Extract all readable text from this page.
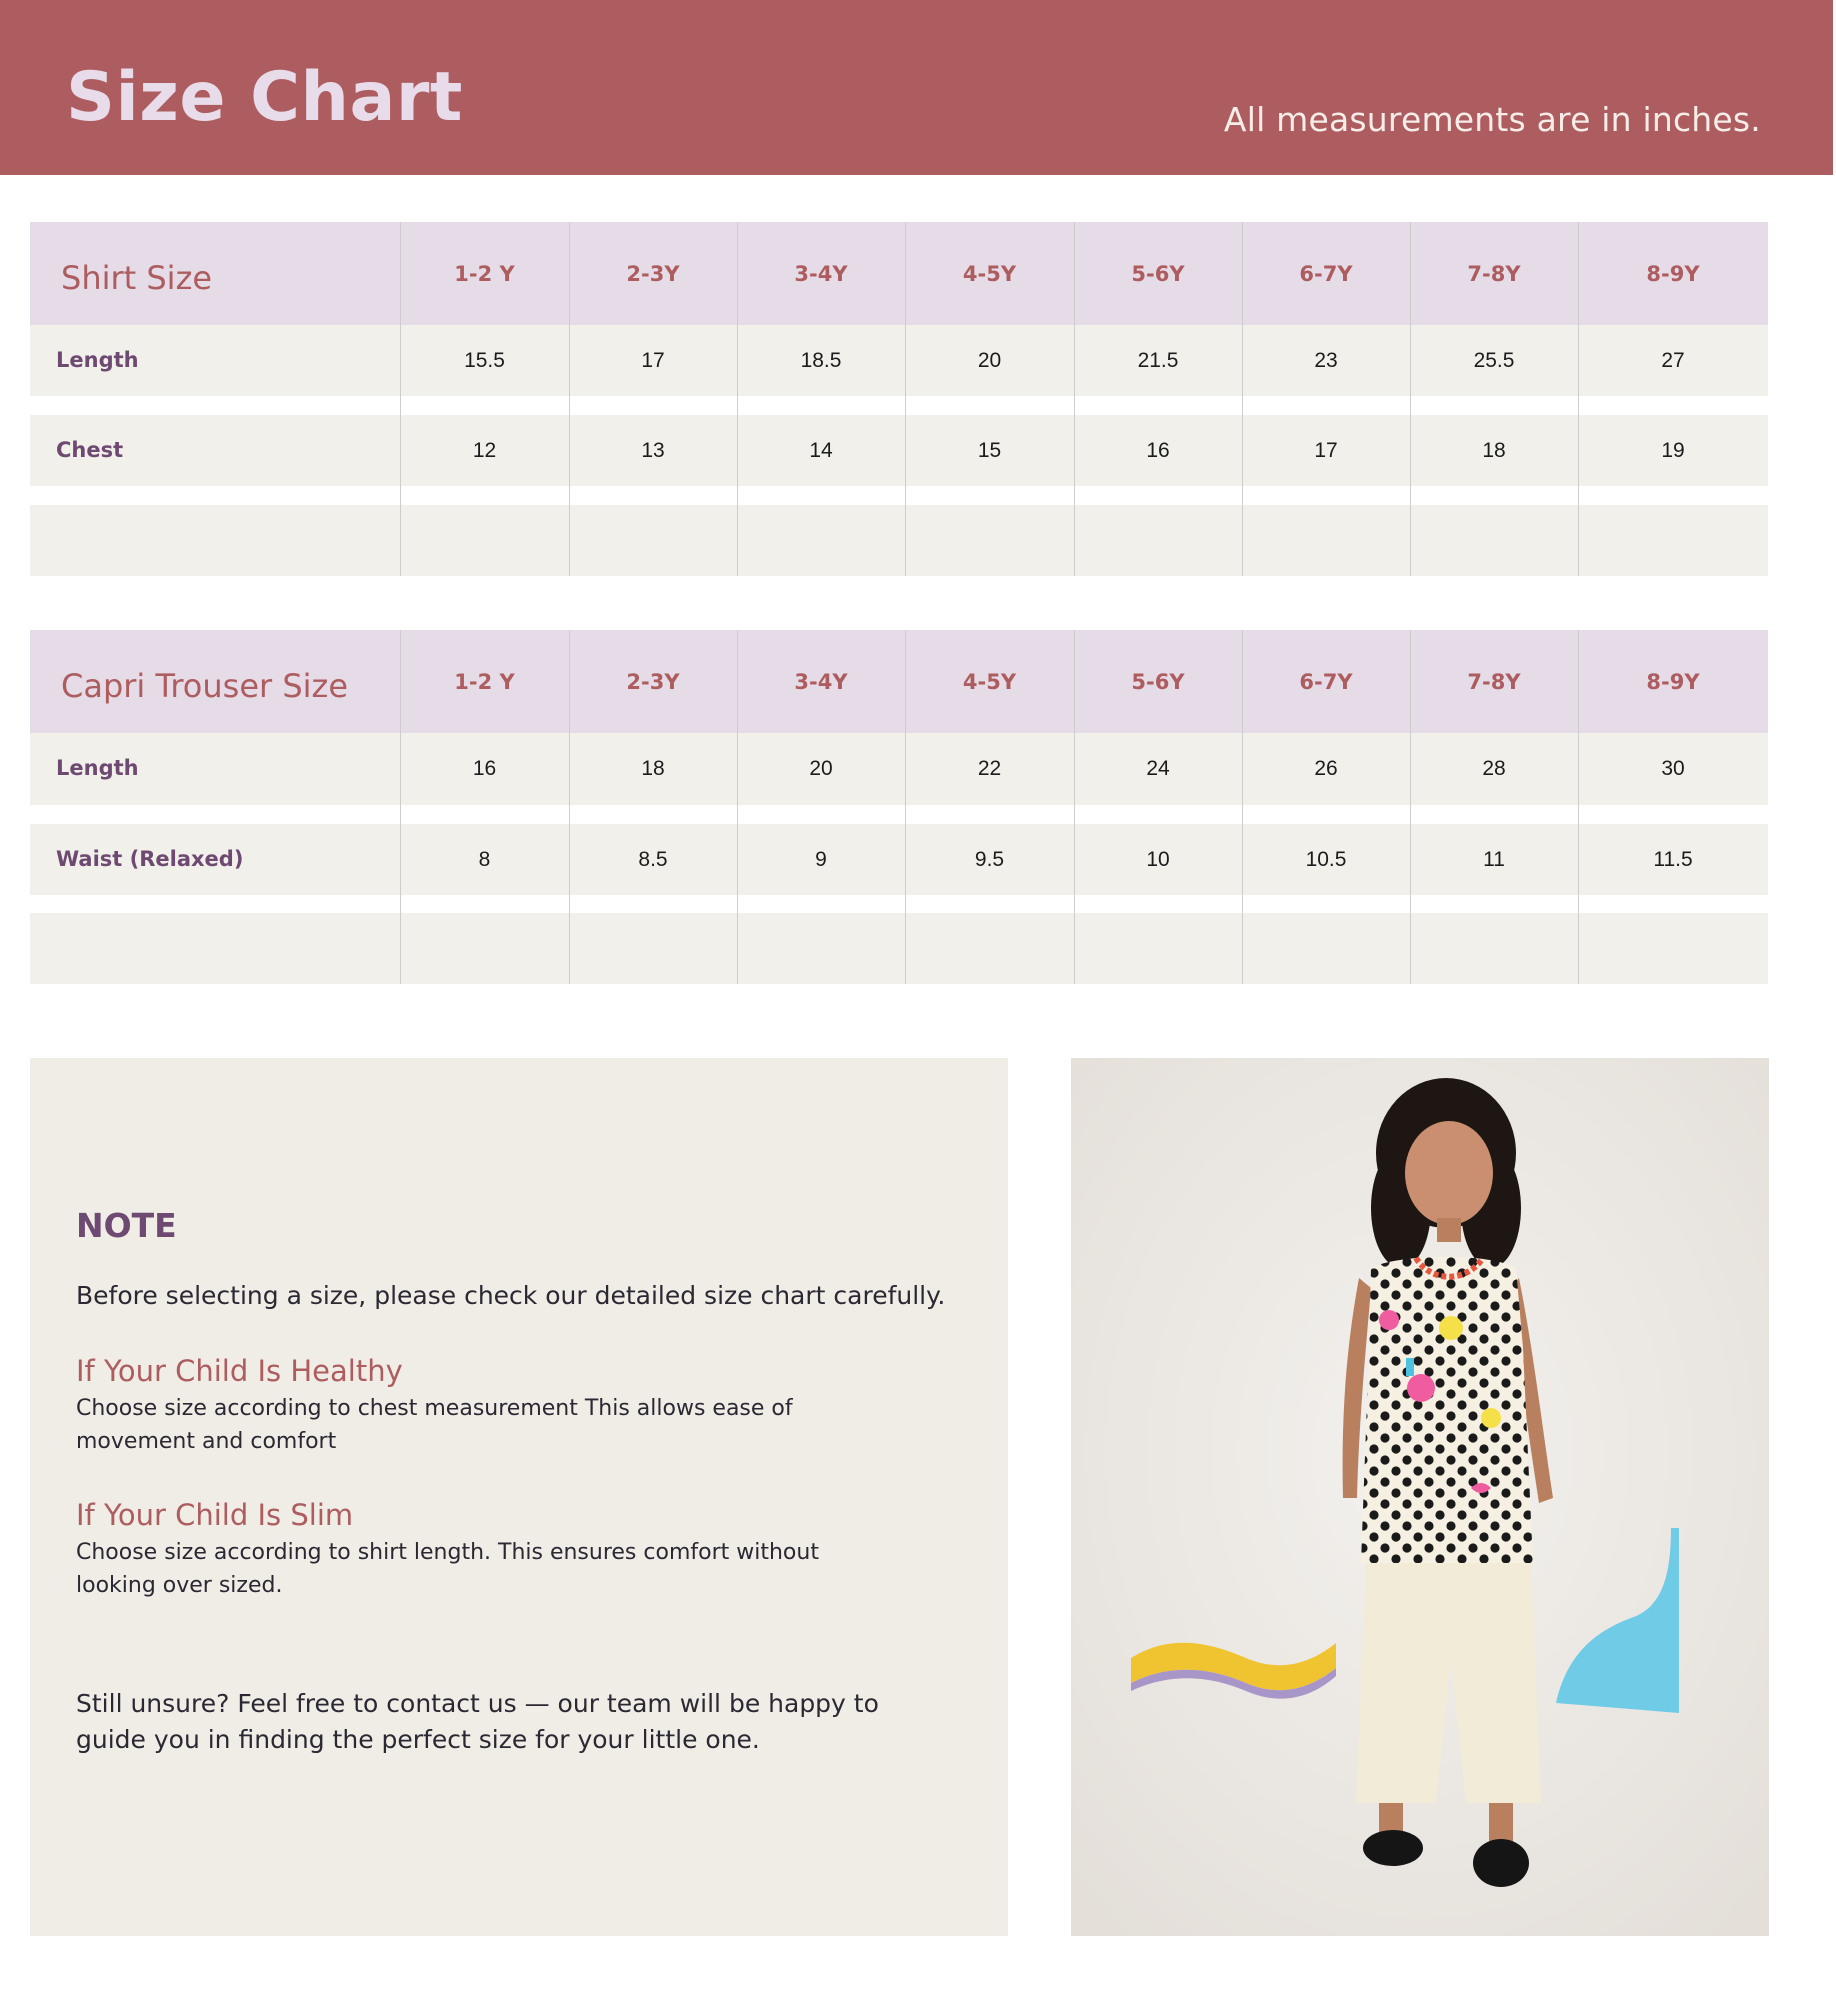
Size Chart	All measurements are in inches.
Shirt Size	1-2 Y	2-3Y	3-4Y	4-5Y	5-6Y	6-7Y	7-8Y	8-9Y
Length	15.5	17	18.5	20	21.5	23	25.5	27
Chest	12	13	14	15	16	17	18	19
Capri Trouser Size	1-2 Y	2-3Y	3-4Y	4-5Y	5-6Y	6-7Y	7-8Y	8-9Y
Length	16	18	20	22	24	26	28	30
Waist (Relaxed)	8	8.5	9	9.5	10	10.5	11	11.5
NOTE
Before selecting a size, please check our detailed size chart carefully.
If Your Child Is Healthy
Choose size according to chest measurement This allows ease of movement and comfort
If Your Child Is Slim
Choose size according to shirt length. This ensures comfort without looking over sized.
Still unsure? Feel free to contact us — our team will be happy to guide you in finding the perfect size for your little one.
